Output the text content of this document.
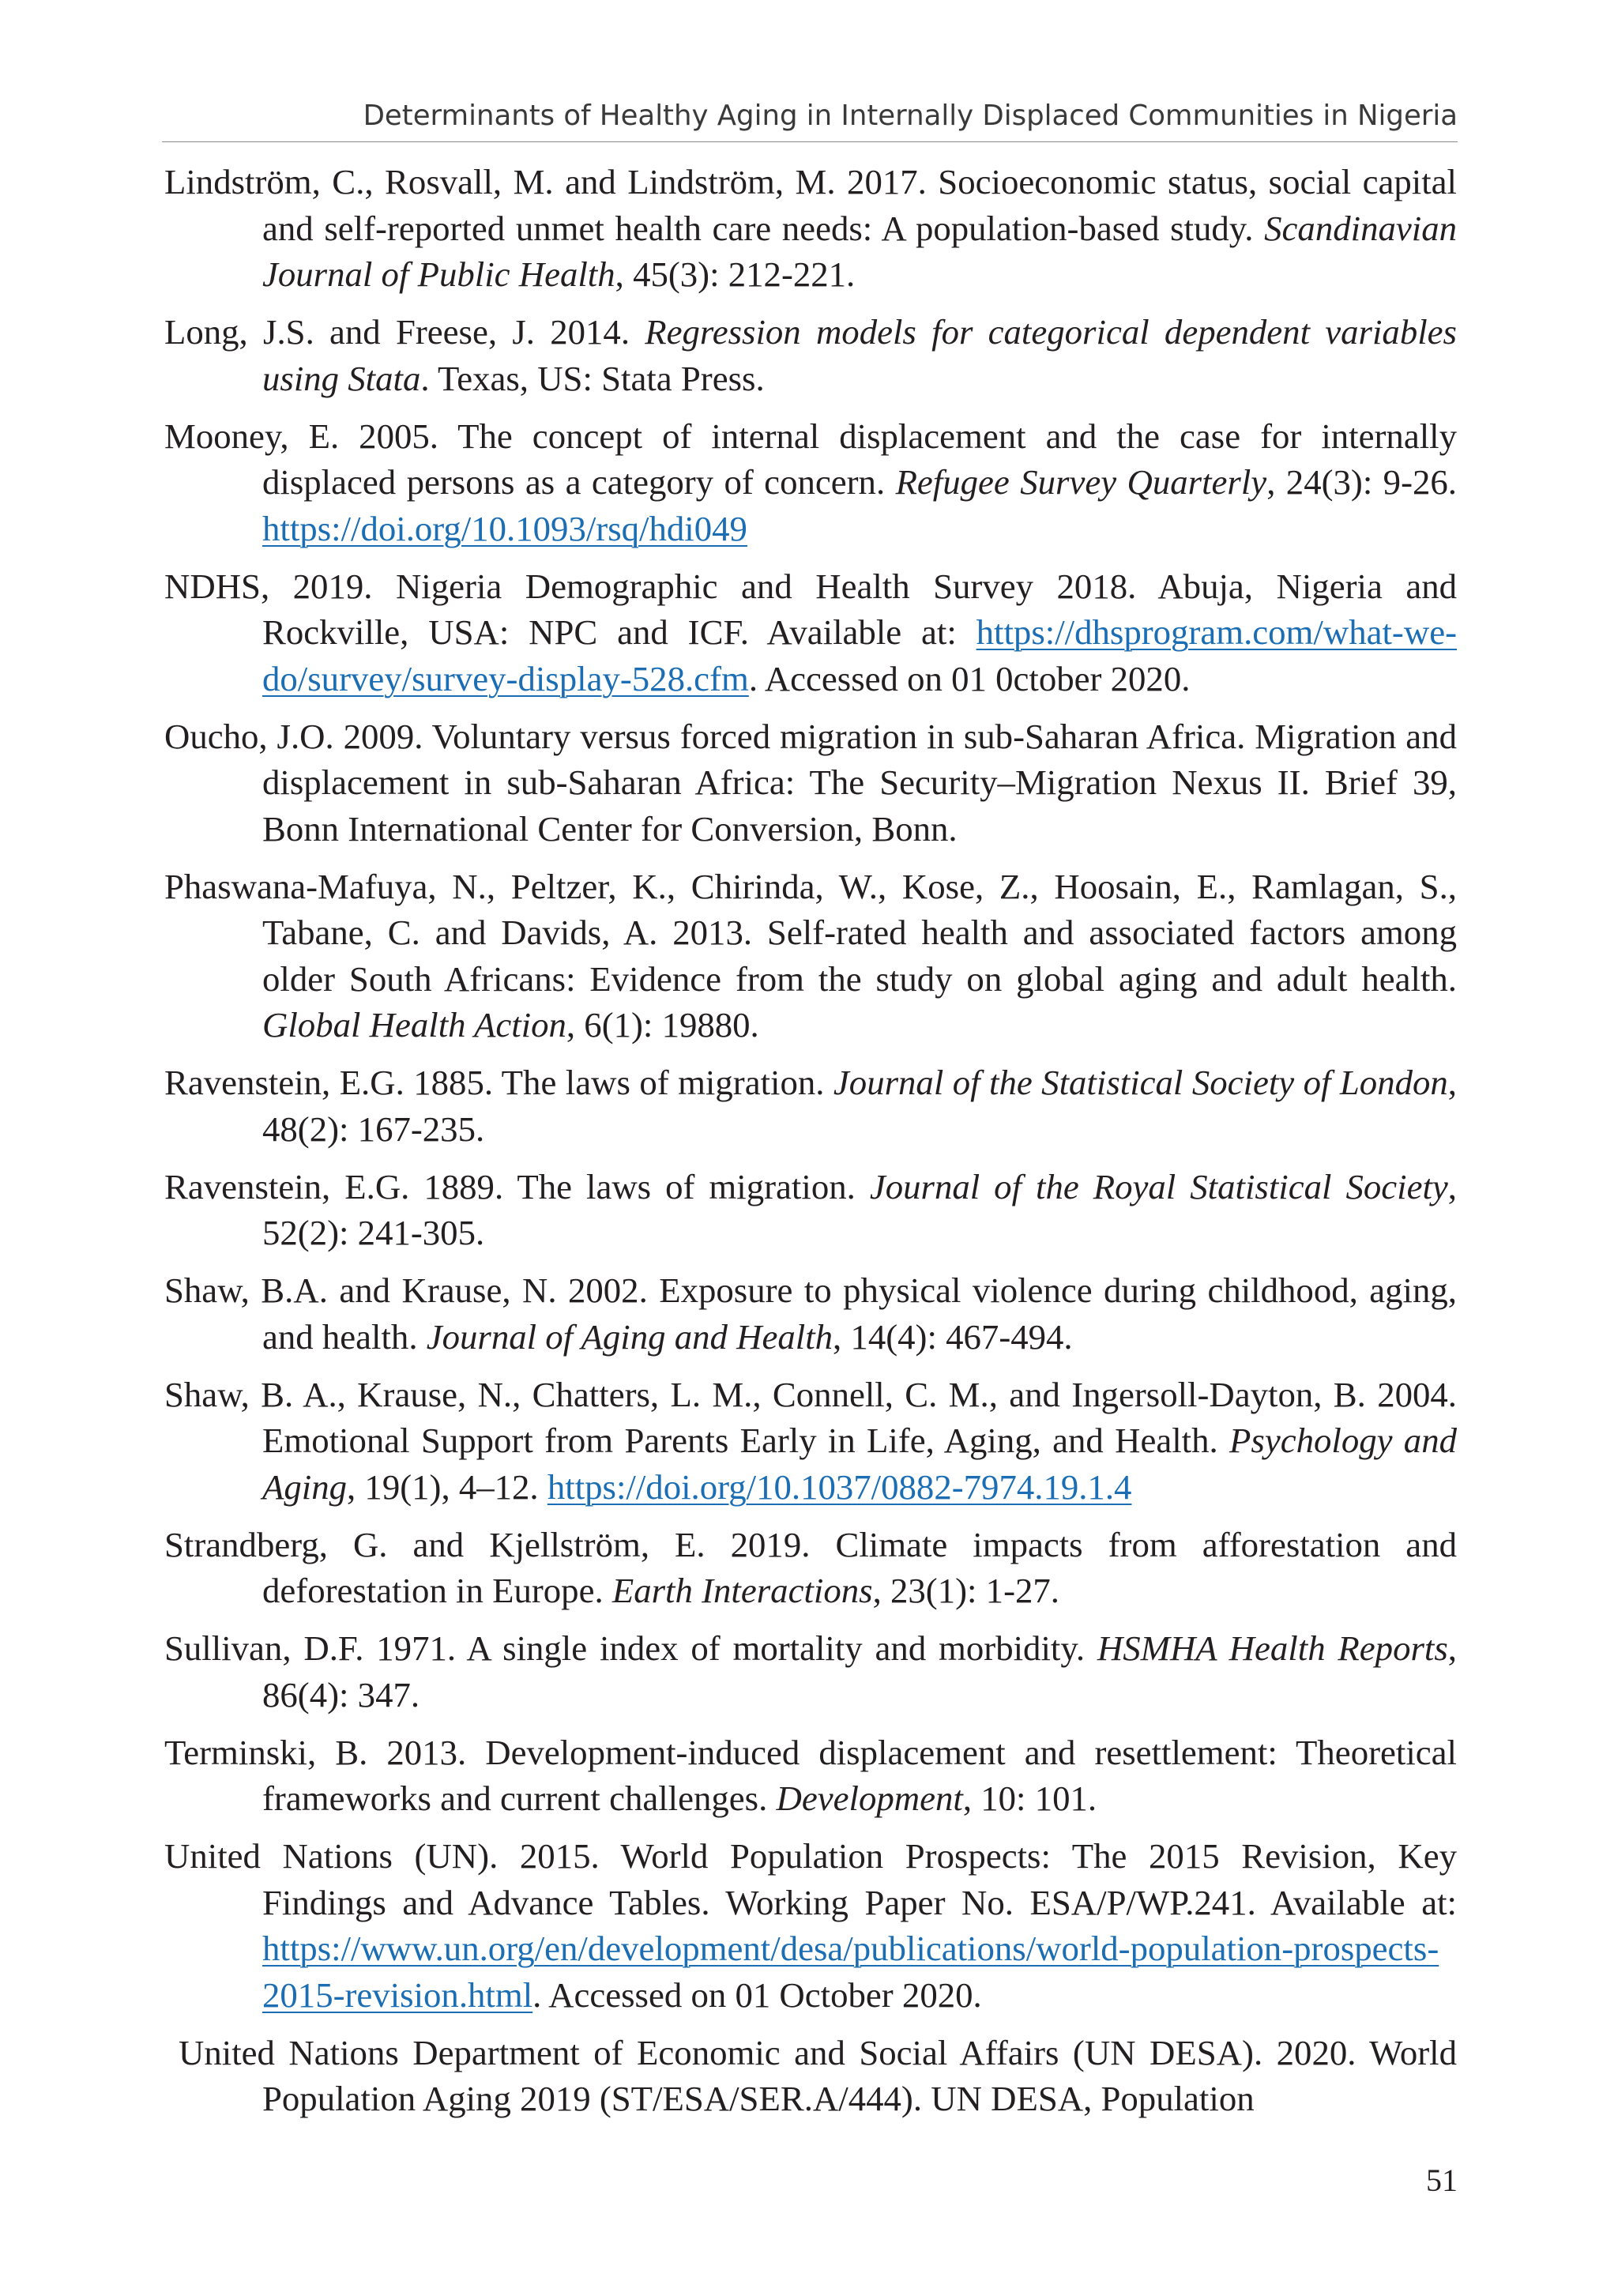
Determinants of Healthy Aging in Internally Displaced Communities in Nigeria
Lindström, C., Rosvall, M. and Lindström, M. 2017. Socioeconomic status, social capital and self-reported unmet health care needs: A population-based study. Scandinavian Journal of Public Health, 45(3): 212-221.
Long, J.S. and Freese, J. 2014. Regression models for categorical dependent variables using Stata. Texas, US: Stata Press.
Mooney, E. 2005. The concept of internal displacement and the case for internally displaced persons as a category of concern. Refugee Survey Quarterly, 24(3): 9-26. https://doi.org/10.1093/rsq/hdi049
NDHS, 2019. Nigeria Demographic and Health Survey 2018. Abuja, Nigeria and Rockville, USA: NPC and ICF. Available at: https://dhsprogram.com/what-we-do/survey/survey-display-528.cfm. Accessed on 01 0ctober 2020.
Oucho, J.O. 2009. Voluntary versus forced migration in sub-Saharan Africa. Migration and displacement in sub-Saharan Africa: The Security–Migration Nexus II. Brief 39, Bonn International Center for Conversion, Bonn.
Phaswana-Mafuya, N., Peltzer, K., Chirinda, W., Kose, Z., Hoosain, E., Ramlagan, S., Tabane, C. and Davids, A. 2013. Self-rated health and associated factors among older South Africans: Evidence from the study on global aging and adult health. Global Health Action, 6(1): 19880.
Ravenstein, E.G. 1885. The laws of migration. Journal of the Statistical Society of London, 48(2): 167-235.
Ravenstein, E.G. 1889. The laws of migration. Journal of the Royal Statistical Society, 52(2): 241-305.
Shaw, B.A. and Krause, N. 2002. Exposure to physical violence during childhood, aging, and health. Journal of Aging and Health, 14(4): 467-494.
Shaw, B. A., Krause, N., Chatters, L. M., Connell, C. M., and Ingersoll-Dayton, B. 2004. Emotional Support from Parents Early in Life, Aging, and Health. Psychology and Aging, 19(1), 4–12. https://doi.org/10.1037/0882-7974.19.1.4
Strandberg, G. and Kjellström, E. 2019. Climate impacts from afforestation and deforestation in Europe. Earth Interactions, 23(1): 1-27.
Sullivan, D.F. 1971. A single index of mortality and morbidity. HSMHA Health Reports, 86(4): 347.
Terminski, B. 2013. Development-induced displacement and resettlement: Theoretical frameworks and current challenges. Development, 10: 101.
United Nations (UN). 2015. World Population Prospects: The 2015 Revision, Key Findings and Advance Tables. Working Paper No. ESA/P/WP.241. Available at: https://www.un.org/en/development/desa/publications/world-population-prospects-2015-revision.html. Accessed on 01 October 2020.
United Nations Department of Economic and Social Affairs (UN DESA). 2020. World Population Aging 2019 (ST/ESA/SER.A/444). UN DESA, Population
51
